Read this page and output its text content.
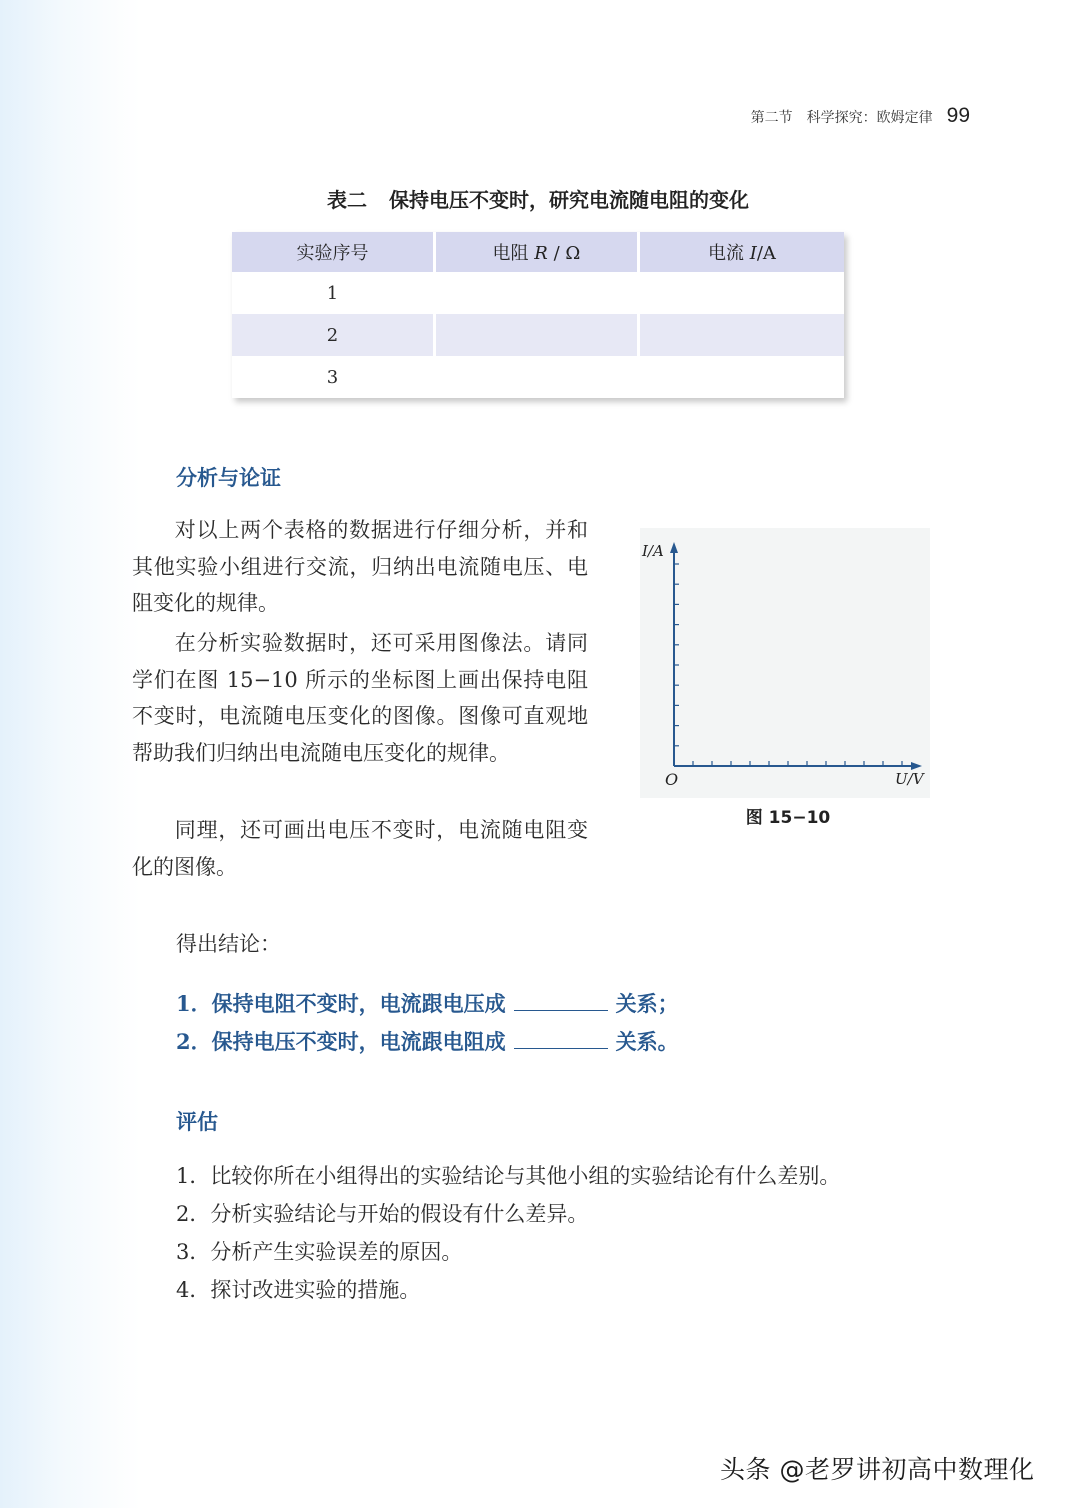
第二节　科学探究：欧姆定律 99
表二 保持电压不变时，研究电流随电阻的变化
实验序号	电阻 R / Ω	电流 I/A
1		
2		
3		
分析与论证
对以上两个表格的数据进行仔细分析，并和其他实验小组进行交流，归纳出电流随电压、电阻变化的规律。
在分析实验数据时，还可采用图像法。请同学们在图 15−10 所示的坐标图上画出保持电阻不变时，电流随电压变化的图像。图像可直观地帮助我们归纳出电流随电压变化的规律。
同理，还可画出电压不变时，电流随电阻变化的图像。
I/A
U/V
O
图 15−10
得出结论：
1． 保持电阻不变时，电流跟电压成	关系；
2． 保持电压不变时，电流跟电阻成	关系。
评估
1．比较你所在小组得出的实验结论与其他小组的实验结论有什么差别。
2．分析实验结论与开始的假设有什么差异。
3．分析产生实验误差的原因。
4．探讨改进实验的措施。
头条 @老罗讲初高中数理化
